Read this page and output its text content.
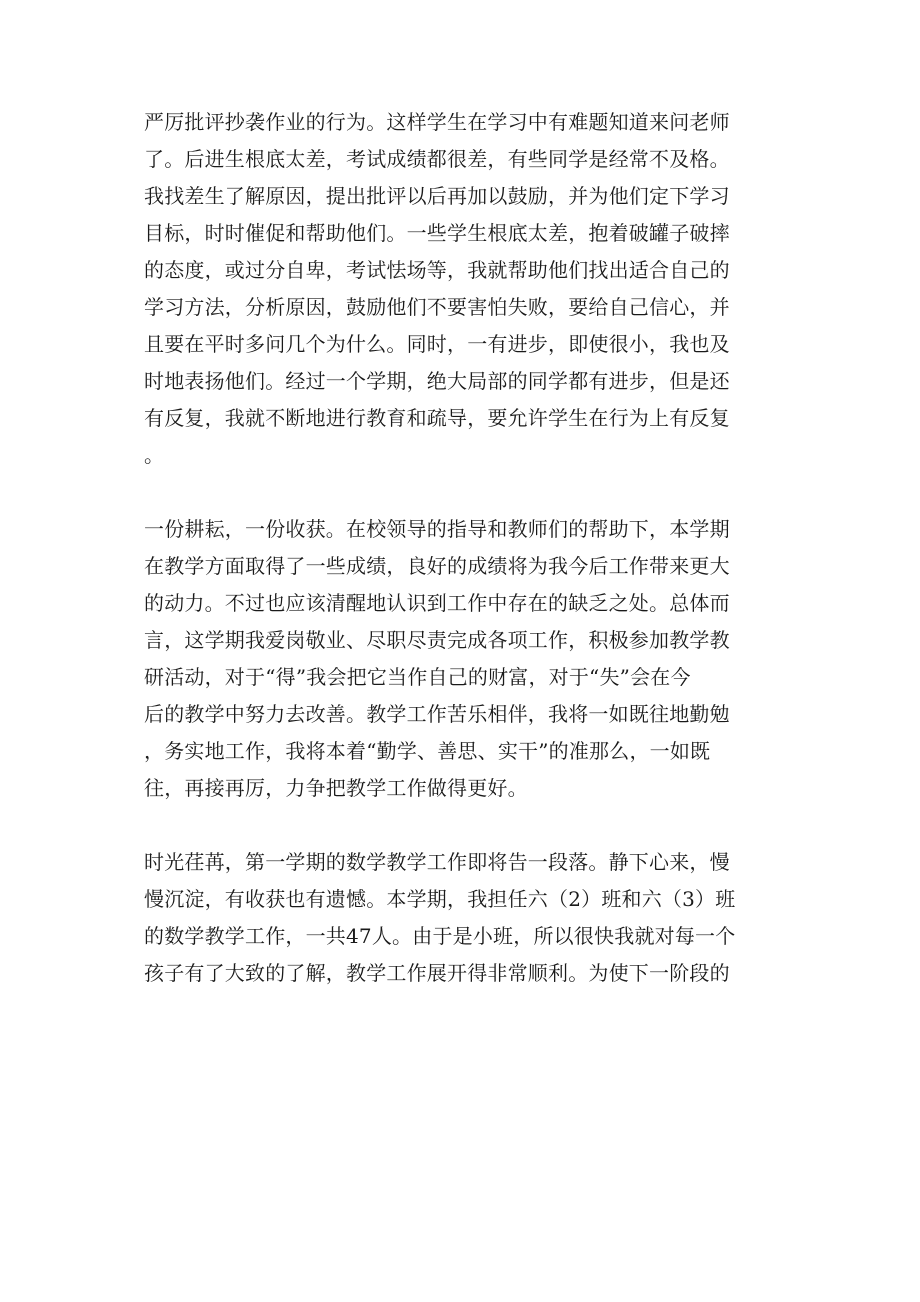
严厉批评抄袭作业的行为。这样学生在学习中有难题知道来问老师
了。后进生根底太差，考试成绩都很差，有些同学是经常不及格。
我找差生了解原因，提出批评以后再加以鼓励，并为他们定下学习
目标，时时催促和帮助他们。一些学生根底太差，抱着破罐子破摔
的态度，或过分自卑，考试怯场等，我就帮助他们找出适合自己的
学习方法，分析原因，鼓励他们不要害怕失败，要给自己信心，并
且要在平时多问几个为什么。同时，一有进步，即使很小，我也及
时地表扬他们。经过一个学期，绝大局部的同学都有进步，但是还
有反复，我就不断地进行教育和疏导，要允许学生在行为上有反复
。
一份耕耘，一份收获。在校领导的指导和教师们的帮助下，本学期
在教学方面取得了一些成绩，良好的成绩将为我今后工作带来更大
的动力。不过也应该清醒地认识到工作中存在的缺乏之处。总体而
言，这学期我爱岗敬业、尽职尽责完成各项工作，积极参加教学教
研活动，对于“得”我会把它当作自己的财富，对于“失”会在今
后的教学中努力去改善。教学工作苦乐相伴，我将一如既往地勤勉
，务实地工作，我将本着“勤学、善思、实干”的准那么，一如既
往，再接再厉，力争把教学工作做得更好。
时光荏苒，第一学期的数学教学工作即将告一段落。静下心来，慢
慢沉淀，有收获也有遗憾。本学期，我担任六（2）班和六（3）班
的数学教学工作，一共47人。由于是小班，所以很快我就对每一个
孩子有了大致的了解，教学工作展开得非常顺利。为使下一阶段的
